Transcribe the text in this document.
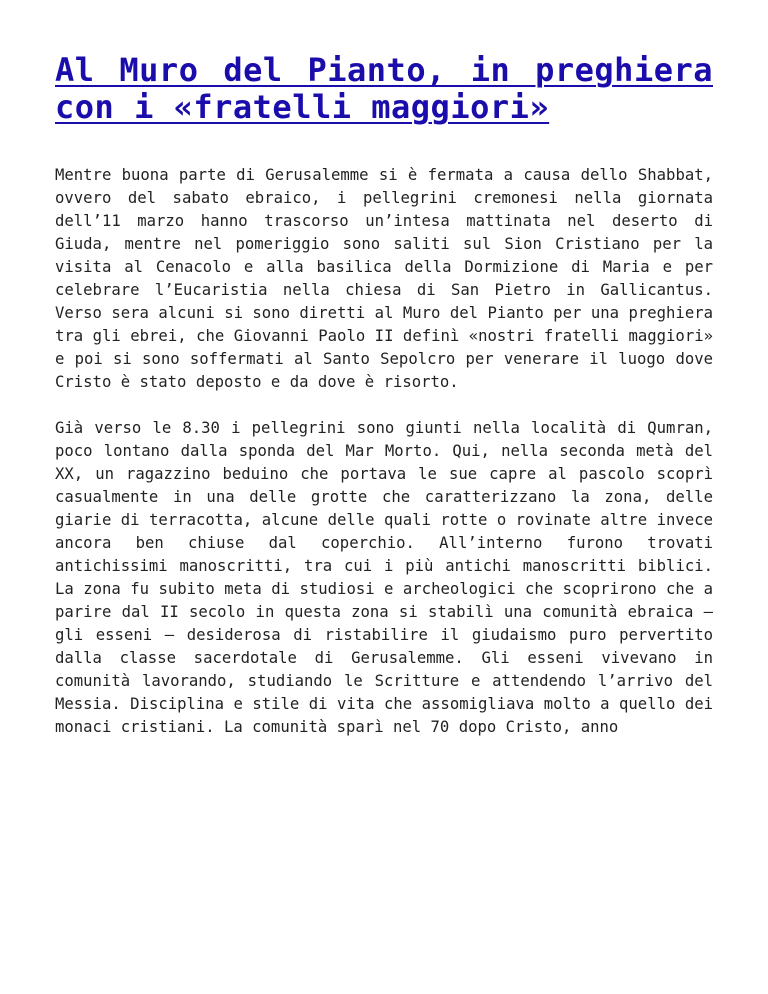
Al Muro del Pianto, in preghiera con i «fratelli maggiori»

Mentre buona parte di Gerusalemme si è fermata a causa dello Shabbat, ovvero del sabato ebraico, i pellegrini cremonesi nella giornata dell’11 marzo hanno trascorso un’intesa mattinata nel deserto di Giuda, mentre nel pomeriggio sono saliti sul Sion Cristiano per la visita al Cenacolo e alla basilica della Dormizione di Maria e per celebrare l’Eucaristia nella chiesa di San Pietro in Gallicantus. Verso sera alcuni si sono diretti al Muro del Pianto per una preghiera tra gli ebrei, che Giovanni Paolo II definì «nostri fratelli maggiori» e poi si sono soffermati al Santo Sepolcro per venerare il luogo dove Cristo è stato deposto e da dove è risorto.

Già verso le 8.30 i pellegrini sono giunti nella località di Qumran, poco lontano dalla sponda del Mar Morto. Qui, nella seconda metà del XX, un ragazzino beduino che portava le sue capre al pascolo scoprì casualmente in una delle grotte che caratterizzano la zona, delle giarie di terracotta, alcune delle quali rotte o rovinate altre invece ancora ben chiuse dal coperchio. All’interno furono trovati antichissimi manoscritti, tra cui i più antichi manoscritti biblici. La zona fu subito meta di studiosi e archeologici che scoprirono che a parire dal II secolo in questa zona si stabilì una comunità ebraica – gli esseni – desiderosa di ristabilire il giudaismo puro pervertito dalla classe sacerdotale di Gerusalemme. Gli esseni vivevano in comunità lavorando, studiando le Scritture e attendendo l’arrivo del Messia. Disciplina e stile di vita che assomigliava molto a quello dei monaci cristiani. La comunità sparì nel 70 dopo Cristo, anno
